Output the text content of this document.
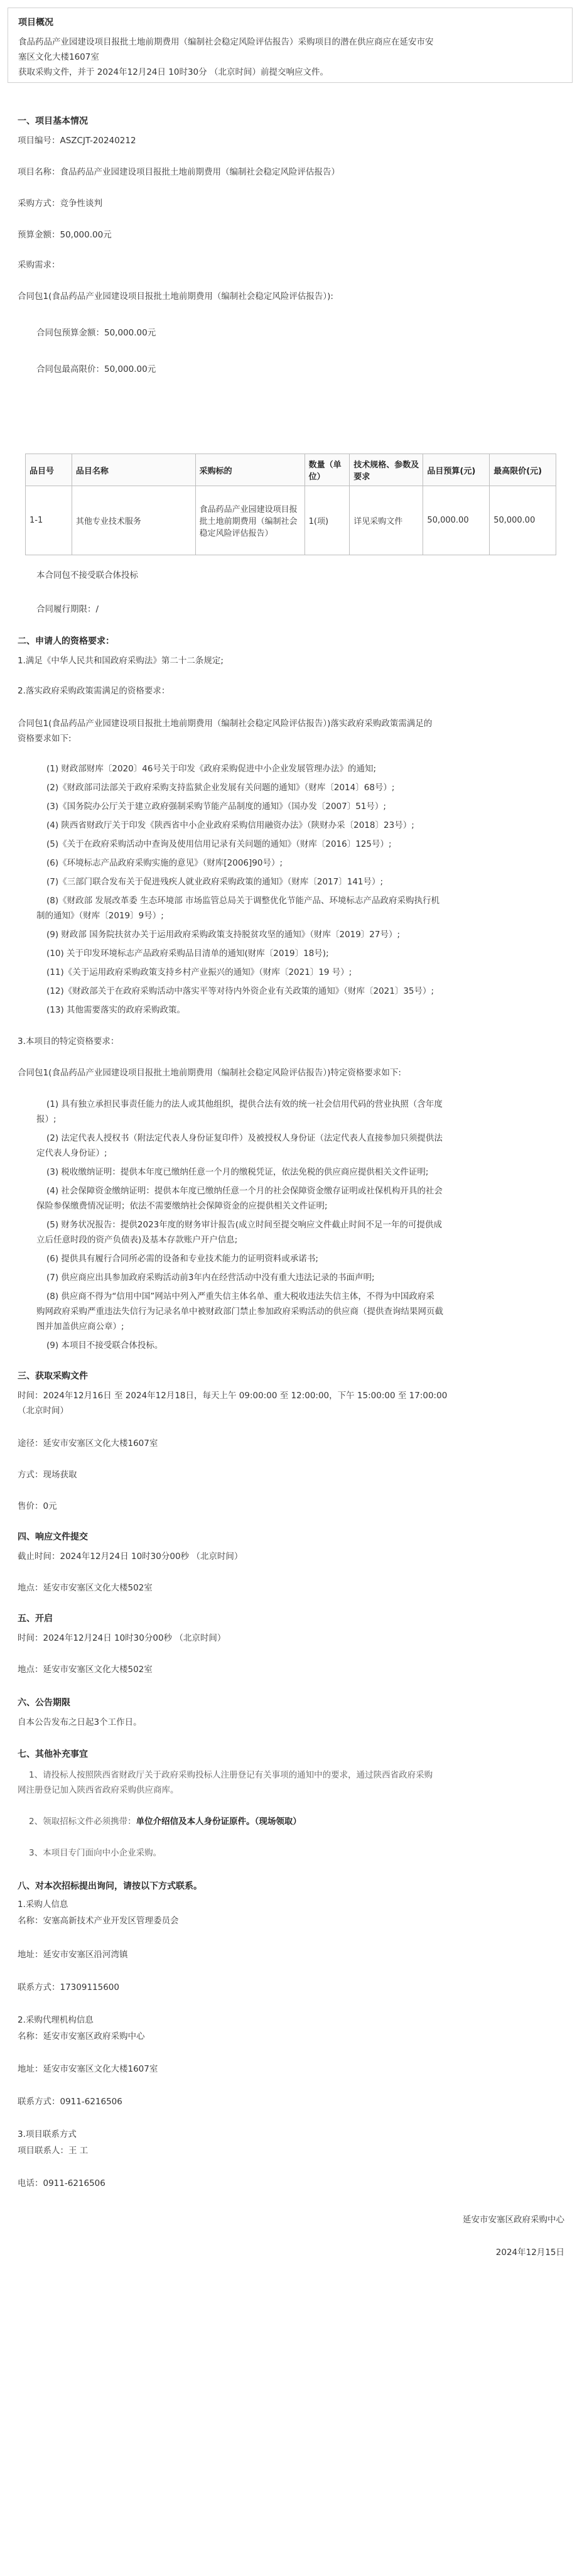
项目概况
食品药品产业园建设项目报批土地前期费用（编制社会稳定风险评估报告）采购项目的潜在供应商应在延安市安
塞区文化大楼1607室
获取采购文件，并于 2024年12月24日 10时30分 （北京时间）前提交响应文件。
一、项目基本情况
项目编号：ASZCJT-20240212
项目名称：食品药品产业园建设项目报批土地前期费用（编制社会稳定风险评估报告）
采购方式：竞争性谈判
预算金额：50,000.00元
采购需求：
合同包1(食品药品产业园建设项目报批土地前期费用（编制社会稳定风险评估报告）):
合同包预算金额：50,000.00元
合同包最高限价：50,000.00元
品目号	品目名称	采购标的	数量（单位）	技术规格、参数及要求	品目预算(元)	最高限价(元)
1-1	其他专业技术服务	食品药品产业园建设项目报批土地前期费用（编制社会稳定风险评估报告）	1(项)	详见采购文件	50,000.00	50,000.00
本合同包不接受联合体投标
合同履行期限：/
二、申请人的资格要求：
1.满足《中华人民共和国政府采购法》第二十二条规定;
2.落实政府采购政策需满足的资格要求：
合同包1(食品药品产业园建设项目报批土地前期费用（编制社会稳定风险评估报告）)落实政府采购政策需满足的
资格要求如下:
(1) 财政部财库〔2020〕46号关于印发《政府采购促进中小企业发展管理办法》的通知;
(2)《财政部司法部关于政府采购支持监狱企业发展有关问题的通知》（财库〔2014〕68号）;
(3)《国务院办公厅关于建立政府强制采购节能产品制度的通知》（国办发〔2007〕51号）;
(4) 陕西省财政厅关于印发《陕西省中小企业政府采购信用融资办法》（陕财办采〔2018〕23号）;
(5)《关于在政府采购活动中查询及使用信用记录有关问题的通知》（财库〔2016〕125号）;
(6)《环境标志产品政府采购实施的意见》（财库[2006]90号）;
(7)《三部门联合发布关于促进残疾人就业政府采购政策的通知》（财库〔2017〕141号）;
(8)《财政部 发展改革委 生态环境部 市场监管总局关于调整优化节能产品、环境标志产品政府采购执行机
制的通知》（财库〔2019〕9号）;
(9) 财政部 国务院扶贫办关于运用政府采购政策支持脱贫攻坚的通知》（财库〔2019〕27号）;
(10) 关于印发环境标志产品政府采购品目清单的通知(财库〔2019〕18号);
(11)《关于运用政府采购政策支持乡村产业振兴的通知》（财库〔2021〕19 号）;
(12)《财政部关于在政府采购活动中落实平等对待内外资企业有关政策的通知》（财库〔2021〕35号）;
(13) 其他需要落实的政府采购政策。
3.本项目的特定资格要求：
合同包1(食品药品产业园建设项目报批土地前期费用（编制社会稳定风险评估报告）)特定资格要求如下:
(1) 具有独立承担民事责任能力的法人或其他组织，提供合法有效的统一社会信用代码的营业执照（含年度
报）;
(2) 法定代表人授权书（附法定代表人身份证复印件）及被授权人身份证（法定代表人直接参加只须提供法
定代表人身份证）;
(3) 税收缴纳证明：提供本年度已缴纳任意一个月的缴税凭证，依法免税的供应商应提供相关文件证明;
(4) 社会保障资金缴纳证明：提供本年度已缴纳任意一个月的社会保障资金缴存证明或社保机构开具的社会
保险参保缴费情况证明；依法不需要缴纳社会保障资金的应提供相关文件证明;
(5) 财务状况报告：提供2023年度的财务审计报告(成立时间至提交响应文件截止时间不足一年的可提供成
立后任意时段的资产负债表)及基本存款账户开户信息;
(6) 提供具有履行合同所必需的设备和专业技术能力的证明资料或承诺书;
(7) 供应商应出具参加政府采购活动前3年内在经营活动中没有重大违法记录的书面声明;
(8) 供应商不得为“信用中国”网站中列入严重失信主体名单、重大税收违法失信主体，不得为中国政府采
购网政府采购严重违法失信行为记录名单中被财政部门禁止参加政府采购活动的供应商（提供查询结果网页截
图并加盖供应商公章）;
(9) 本项目不接受联合体投标。
三、获取采购文件
时间：2024年12月16日 至 2024年12月18日，每天上午 09:00:00 至 12:00:00，下午 15:00:00 至 17:00:00
（北京时间）
途径：延安市安塞区文化大楼1607室
方式：现场获取
售价：0元
四、响应文件提交
截止时间：2024年12月24日 10时30分00秒 （北京时间）
地点：延安市安塞区文化大楼502室
五、开启
时间：2024年12月24日 10时30分00秒 （北京时间）
地点：延安市安塞区文化大楼502室
六、公告期限
自本公告发布之日起3个工作日。
七、其他补充事宜
1、请投标人按照陕西省财政厅关于政府采购投标人注册登记有关事项的通知中的要求，通过陕西省政府采购
网注册登记加入陕西省政府采购供应商库。
2、领取招标文件必须携带：单位介绍信及本人身份证原件。（现场领取）
3、本项目专门面向中小企业采购。
八、对本次招标提出询问，请按以下方式联系。
1.采购人信息
名称：安塞高新技术产业开发区管理委员会
地址：延安市安塞区沿河湾镇
联系方式：17309115600
2.采购代理机构信息
名称：延安市安塞区政府采购中心
地址：延安市安塞区文化大楼1607室
联系方式：0911-6216506
3.项目联系方式
项目联系人：王 工
电话：0911-6216506
延安市安塞区政府采购中心
2024年12月15日
